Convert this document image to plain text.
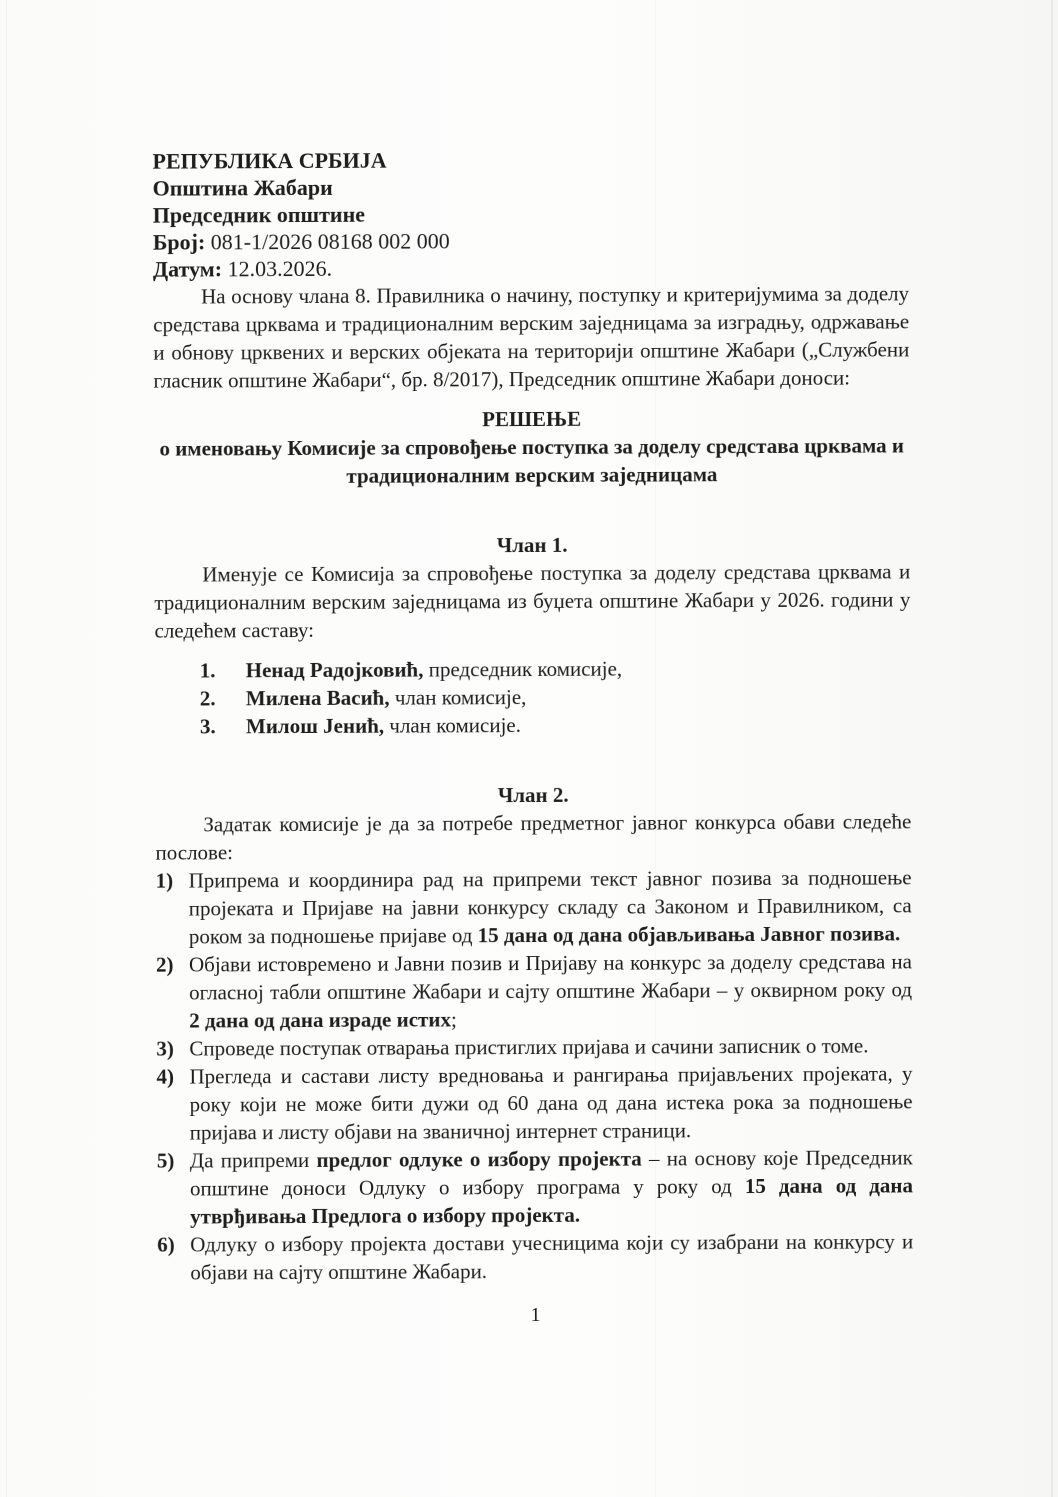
РЕПУБЛИКА СРБИЈА
Општина Жабари
Председник општине
Број: 081-1/2026 08168 002 000
Датум: 12.03.2026.

На основу члана 8. Правилника о начину, поступку и критеријумима за доделу средстава црквама и традиционалним верским заједницама за изградњу, одржавање и обнову црквених и верских објеката на територији општине Жабари („Службени гласник општине Жабари“, бр. 8/2017), Председник општине Жабари доноси:

РЕШЕЊЕ
о именовању Комисије за спровођење поступка за доделу средстава црквама и традиционалним верским заједницама
Члан 1.

Именује се Комисија за спровођење поступка за доделу средстава црквама и традиционалним верским заједницама из буџета општине Жабари у 2026. години у следећем саставу:

1.	Ненад Радојковић, председник комисије,
2.	Милена Васић, члан комисије,
3.	Милош Јенић, члан комисије.
Члан 2.

Задатак комисије је да за потребе предметног јавног конкурса обави следеће послове:

1) Припрема и координира рад на припреми текст јавног позива за подношење пројеката и Пријаве на јавни конкурсу складу са Законом и Правилником, са роком за подношење пријаве од 15 дана од дана објављивања Јавног позива.
2) Објави истовремено и Јавни позив и Пријаву на конкурс за доделу средстава на огласној табли општине Жабари и сајту општине Жабари – у оквирном року од 2 дана од дана израде истих;
3) Спроведе поступак отварања пристиглих пријава и сачини записник о томе.
4) Прегледа и састави листу вредновања и рангирања пријављених пројеката, у року који не може бити дужи од 60 дана од дана истека рока за подношење пријава и листу објави на званичној интернет страници.
5) Да припреми предлог одлуке о избору пројекта – на основу које Председник општине доноси Одлуку о избору програма у року од 15 дана од дана утврђивања Предлога о избору пројекта.
6) Одлуку о избору пројекта достави учесницима који су изабрани на конкурсу и објави на сајту општине Жабари.
1
